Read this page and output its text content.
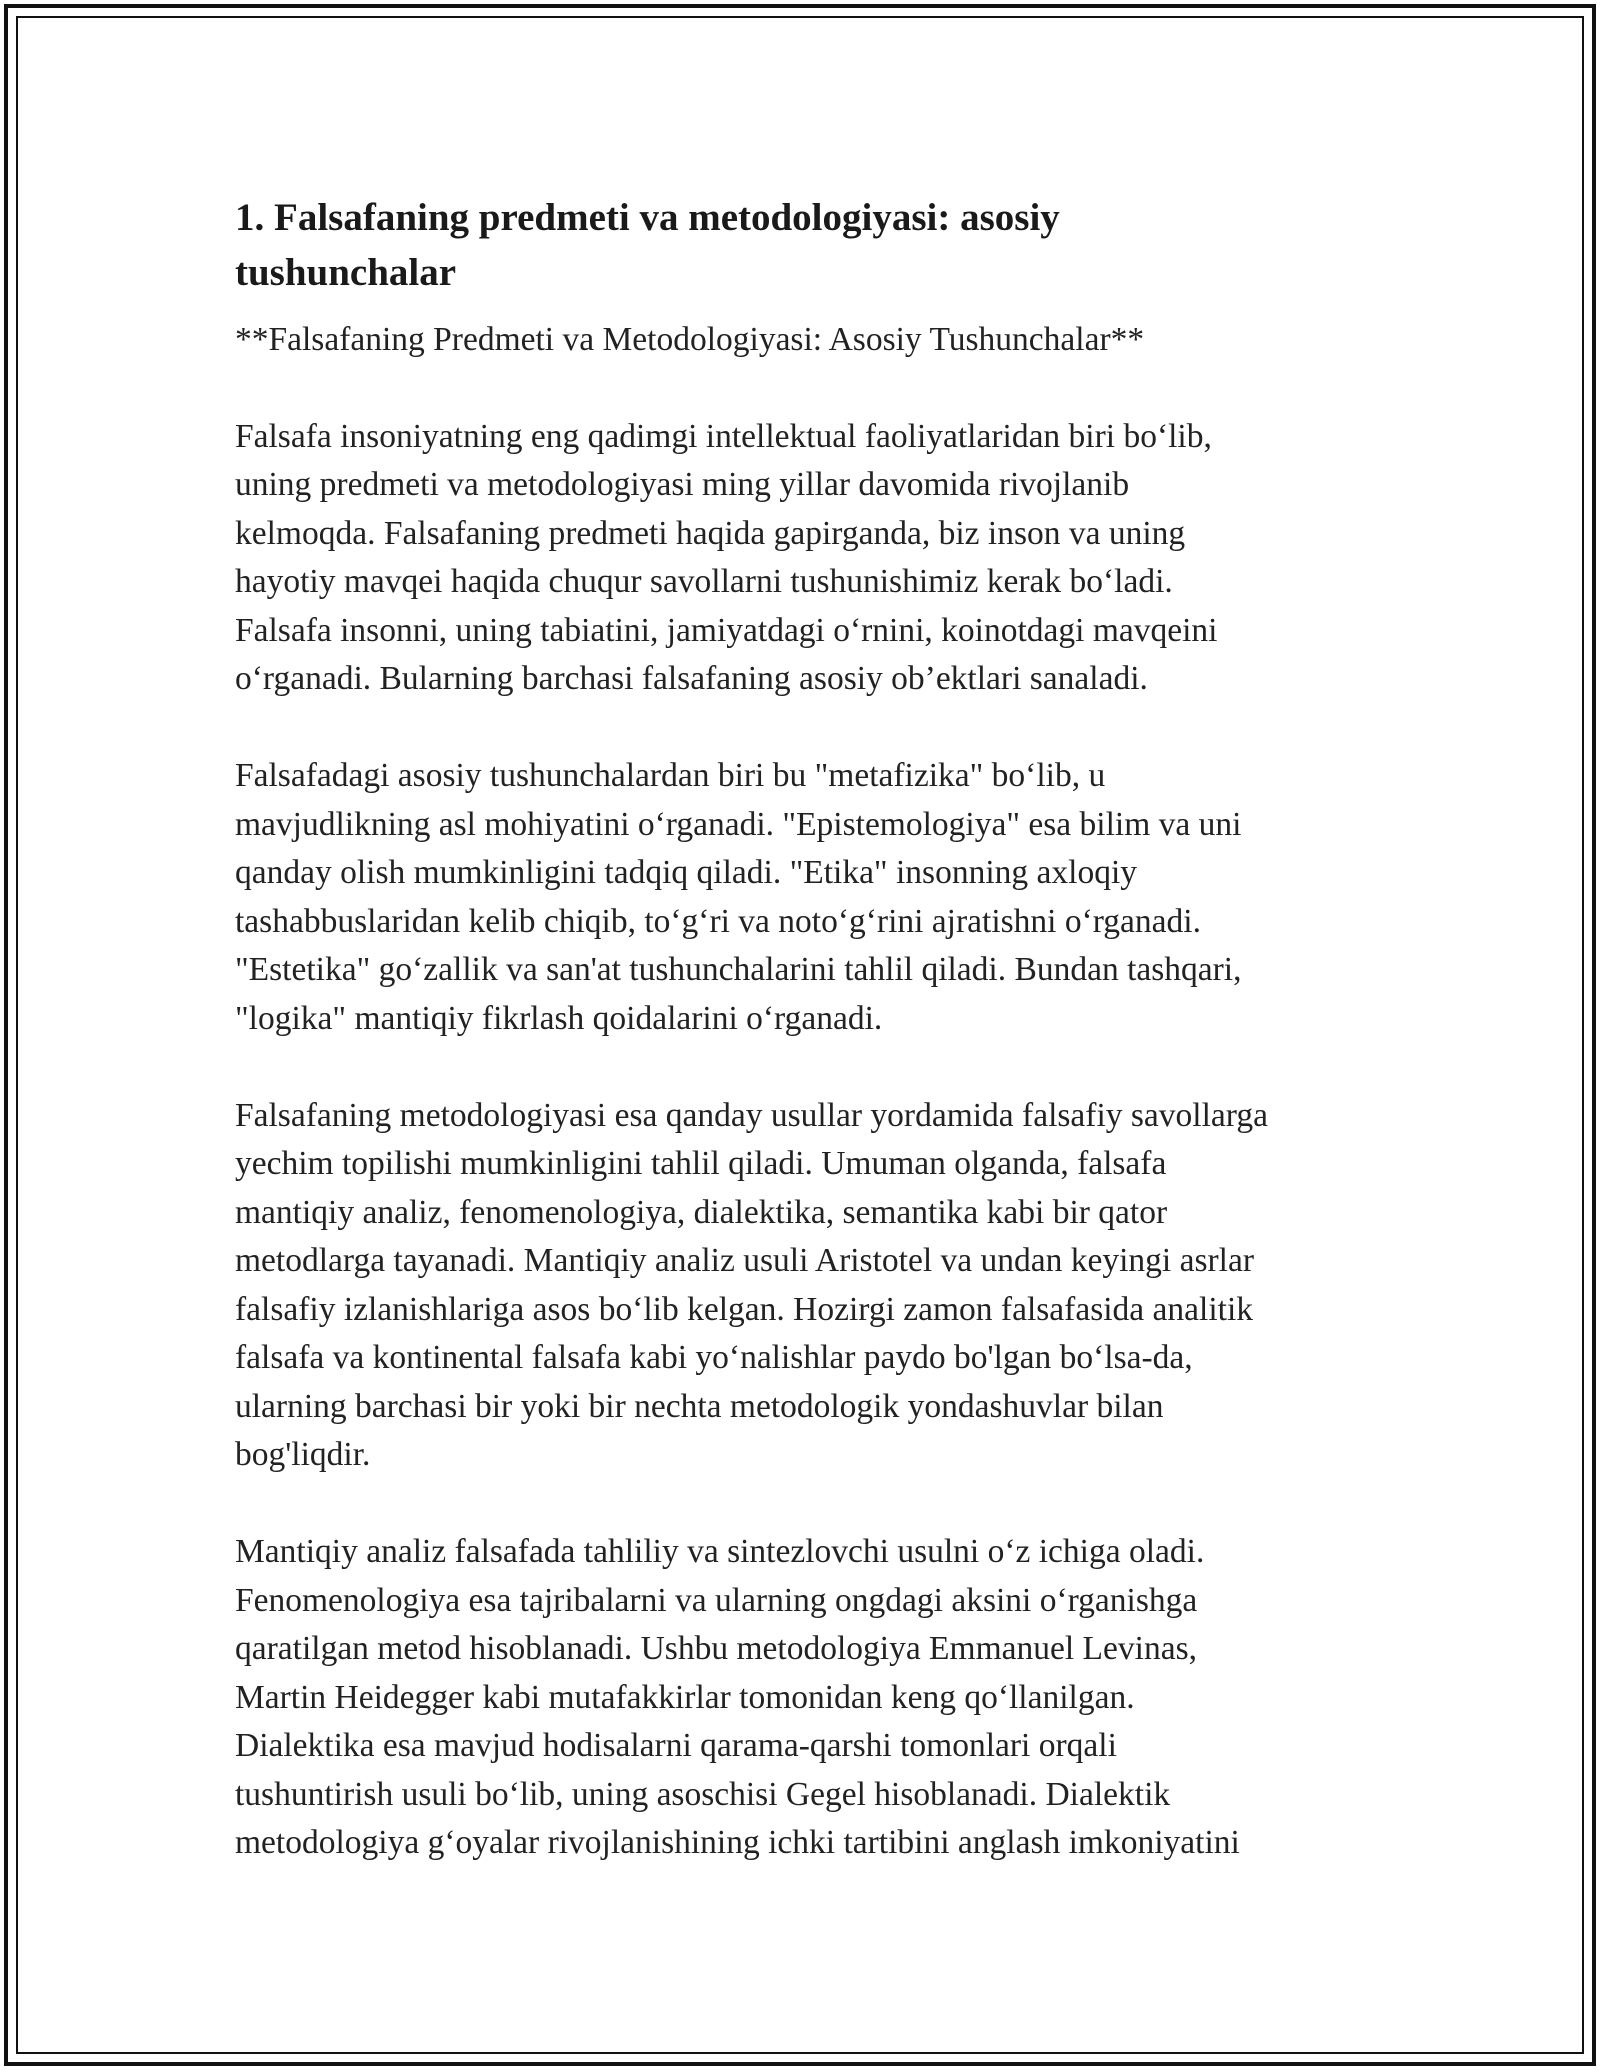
1. Falsafaning predmeti va metodologiyasi: asosiy
tushunchalar

**Falsafaning Predmeti va Metodologiyasi: Asosiy Tushunchalar**

Falsafa insoniyatning eng qadimgi intellektual faoliyatlaridan biri bo‘lib,
uning predmeti va metodologiyasi ming yillar davomida rivojlanib
kelmoqda. Falsafaning predmeti haqida gapirganda, biz inson va uning
hayotiy mavqei haqida chuqur savollarni tushunishimiz kerak bo‘ladi.
Falsafa insonni, uning tabiatini, jamiyatdagi o‘rnini, koinotdagi mavqeini
o‘rganadi. Bularning barchasi falsafaning asosiy ob’ektlari sanaladi.

Falsafadagi asosiy tushunchalardan biri bu "metafizika" bo‘lib, u
mavjudlikning asl mohiyatini o‘rganadi. "Epistemologiya" esa bilim va uni
qanday olish mumkinligini tadqiq qiladi. "Etika" insonning axloqiy
tashabbuslaridan kelib chiqib, to‘g‘ri va noto‘g‘rini ajratishni o‘rganadi.
"Estetika" go‘zallik va san'at tushunchalarini tahlil qiladi. Bundan tashqari,
"logika" mantiqiy fikrlash qoidalarini o‘rganadi.

Falsafaning metodologiyasi esa qanday usullar yordamida falsafiy savollarga
yechim topilishi mumkinligini tahlil qiladi. Umuman olganda, falsafa
mantiqiy analiz, fenomenologiya, dialektika, semantika kabi bir qator
metodlarga tayanadi. Mantiqiy analiz usuli Aristotel va undan keyingi asrlar
falsafiy izlanishlariga asos bo‘lib kelgan. Hozirgi zamon falsafasida analitik
falsafa va kontinental falsafa kabi yo‘nalishlar paydo bo'lgan bo‘lsa-da,
ularning barchasi bir yoki bir nechta metodologik yondashuvlar bilan
bog'liqdir.

Mantiqiy analiz falsafada tahliliy va sintezlovchi usulni o‘z ichiga oladi.
Fenomenologiya esa tajribalarni va ularning ongdagi aksini o‘rganishga
qaratilgan metod hisoblanadi. Ushbu metodologiya Emmanuel Levinas,
Martin Heidegger kabi mutafakkirlar tomonidan keng qo‘llanilgan.
Dialektika esa mavjud hodisalarni qarama-qarshi tomonlari orqali
tushuntirish usuli bo‘lib, uning asoschisi Gegel hisoblanadi. Dialektik
metodologiya g‘oyalar rivojlanishining ichki tartibini anglash imkoniyatini
